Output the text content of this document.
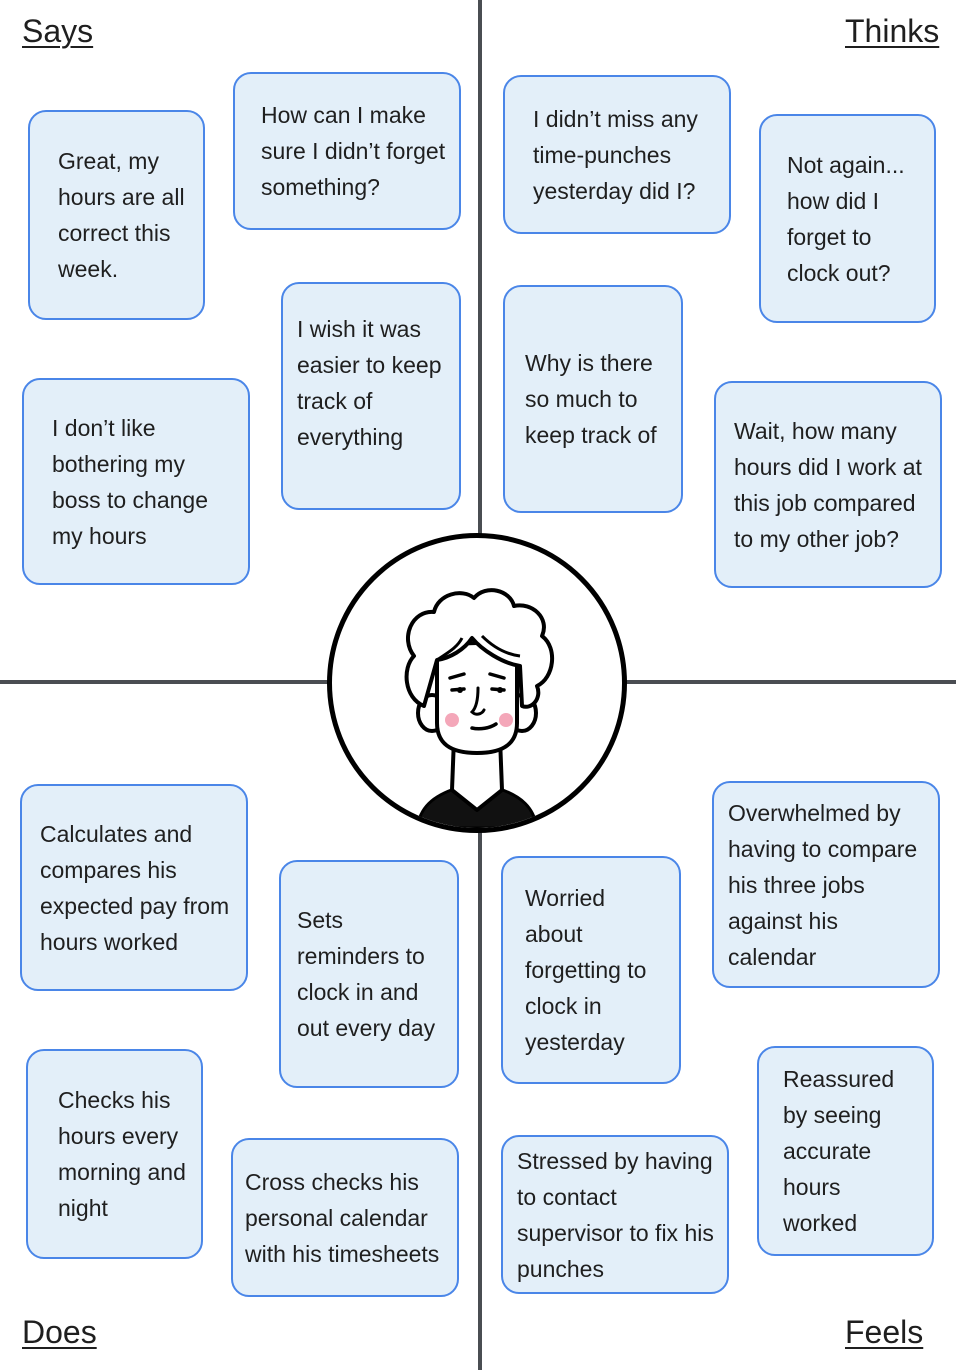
Says	Thinks
Does	Feels
Great, my hours are all correct this week.
How can I make sure I didn’t forget something?
I wish it was easier to keep track of everything
I don’t like bothering my boss to change my hours
I didn’t miss any time-punches yesterday did I?
Not again... how did I forget to clock out?
Why is there so much to keep track of	Wait, how many hours did I work at this job compared to my other job?
Calculates and compares his expected pay from hours worked
Sets reminders to clock in and out every day
Checks his hours every morning and night
Cross checks his personal calendar with his timesheets
Overwhelmed by having to compare his three jobs against his calendar
Worried about forgetting to clock in yesterday
Reassured by seeing accurate hours worked
Stressed by having to contact supervisor to fix his punches
